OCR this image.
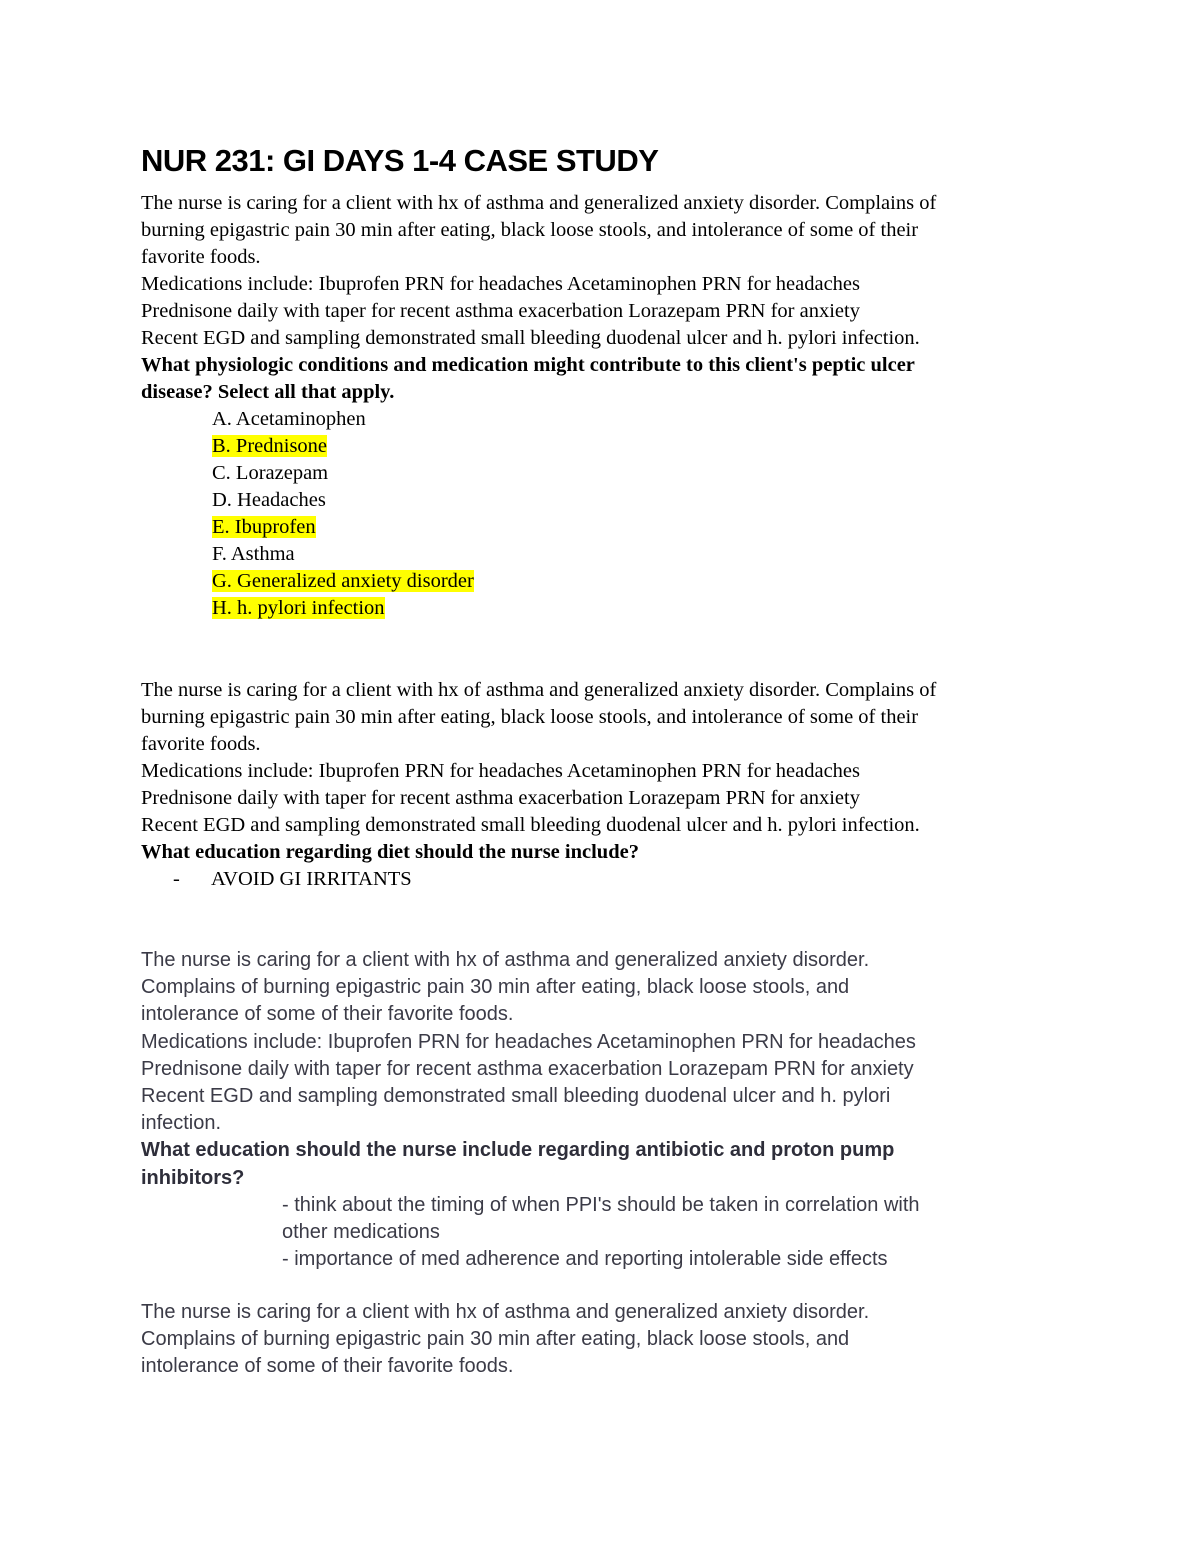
NUR 231: GI DAYS 1-4 CASE STUDY

The nurse is caring for a client with hx of asthma and generalized anxiety disorder. Complains of

burning epigastric pain 30 min after eating, black loose stools, and intolerance of some of their

favorite foods.

Medications include: Ibuprofen PRN for headaches Acetaminophen PRN for headaches

Prednisone daily with taper for recent asthma exacerbation Lorazepam PRN for anxiety

Recent EGD and sampling demonstrated small bleeding duodenal ulcer and h. pylori infection.

What physiologic conditions and medication might contribute to this client's peptic ulcer

disease? Select all that apply.

A. Acetaminophen

B. Prednisone

C. Lorazepam

D. Headaches

E. Ibuprofen

F. Asthma

G. Generalized anxiety disorder

H. h. pylori infection

The nurse is caring for a client with hx of asthma and generalized anxiety disorder. Complains of

burning epigastric pain 30 min after eating, black loose stools, and intolerance of some of their

favorite foods.

Medications include: Ibuprofen PRN for headaches Acetaminophen PRN for headaches

Prednisone daily with taper for recent asthma exacerbation Lorazepam PRN for anxiety

Recent EGD and sampling demonstrated small bleeding duodenal ulcer and h. pylori infection.

What education regarding diet should the nurse include?

- AVOID GI IRRITANTS

The nurse is caring for a client with hx of asthma and generalized anxiety disorder.

Complains of burning epigastric pain 30 min after eating, black loose stools, and

intolerance of some of their favorite foods.

Medications include: Ibuprofen PRN for headaches Acetaminophen PRN for headaches

Prednisone daily with taper for recent asthma exacerbation Lorazepam PRN for anxiety

Recent EGD and sampling demonstrated small bleeding duodenal ulcer and h. pylori

infection.

What education should the nurse include regarding antibiotic and proton pump

inhibitors?

- think about the timing of when PPI's should be taken in correlation with

other medications

- importance of med adherence and reporting intolerable side effects

The nurse is caring for a client with hx of asthma and generalized anxiety disorder.

Complains of burning epigastric pain 30 min after eating, black loose stools, and

intolerance of some of their favorite foods.
